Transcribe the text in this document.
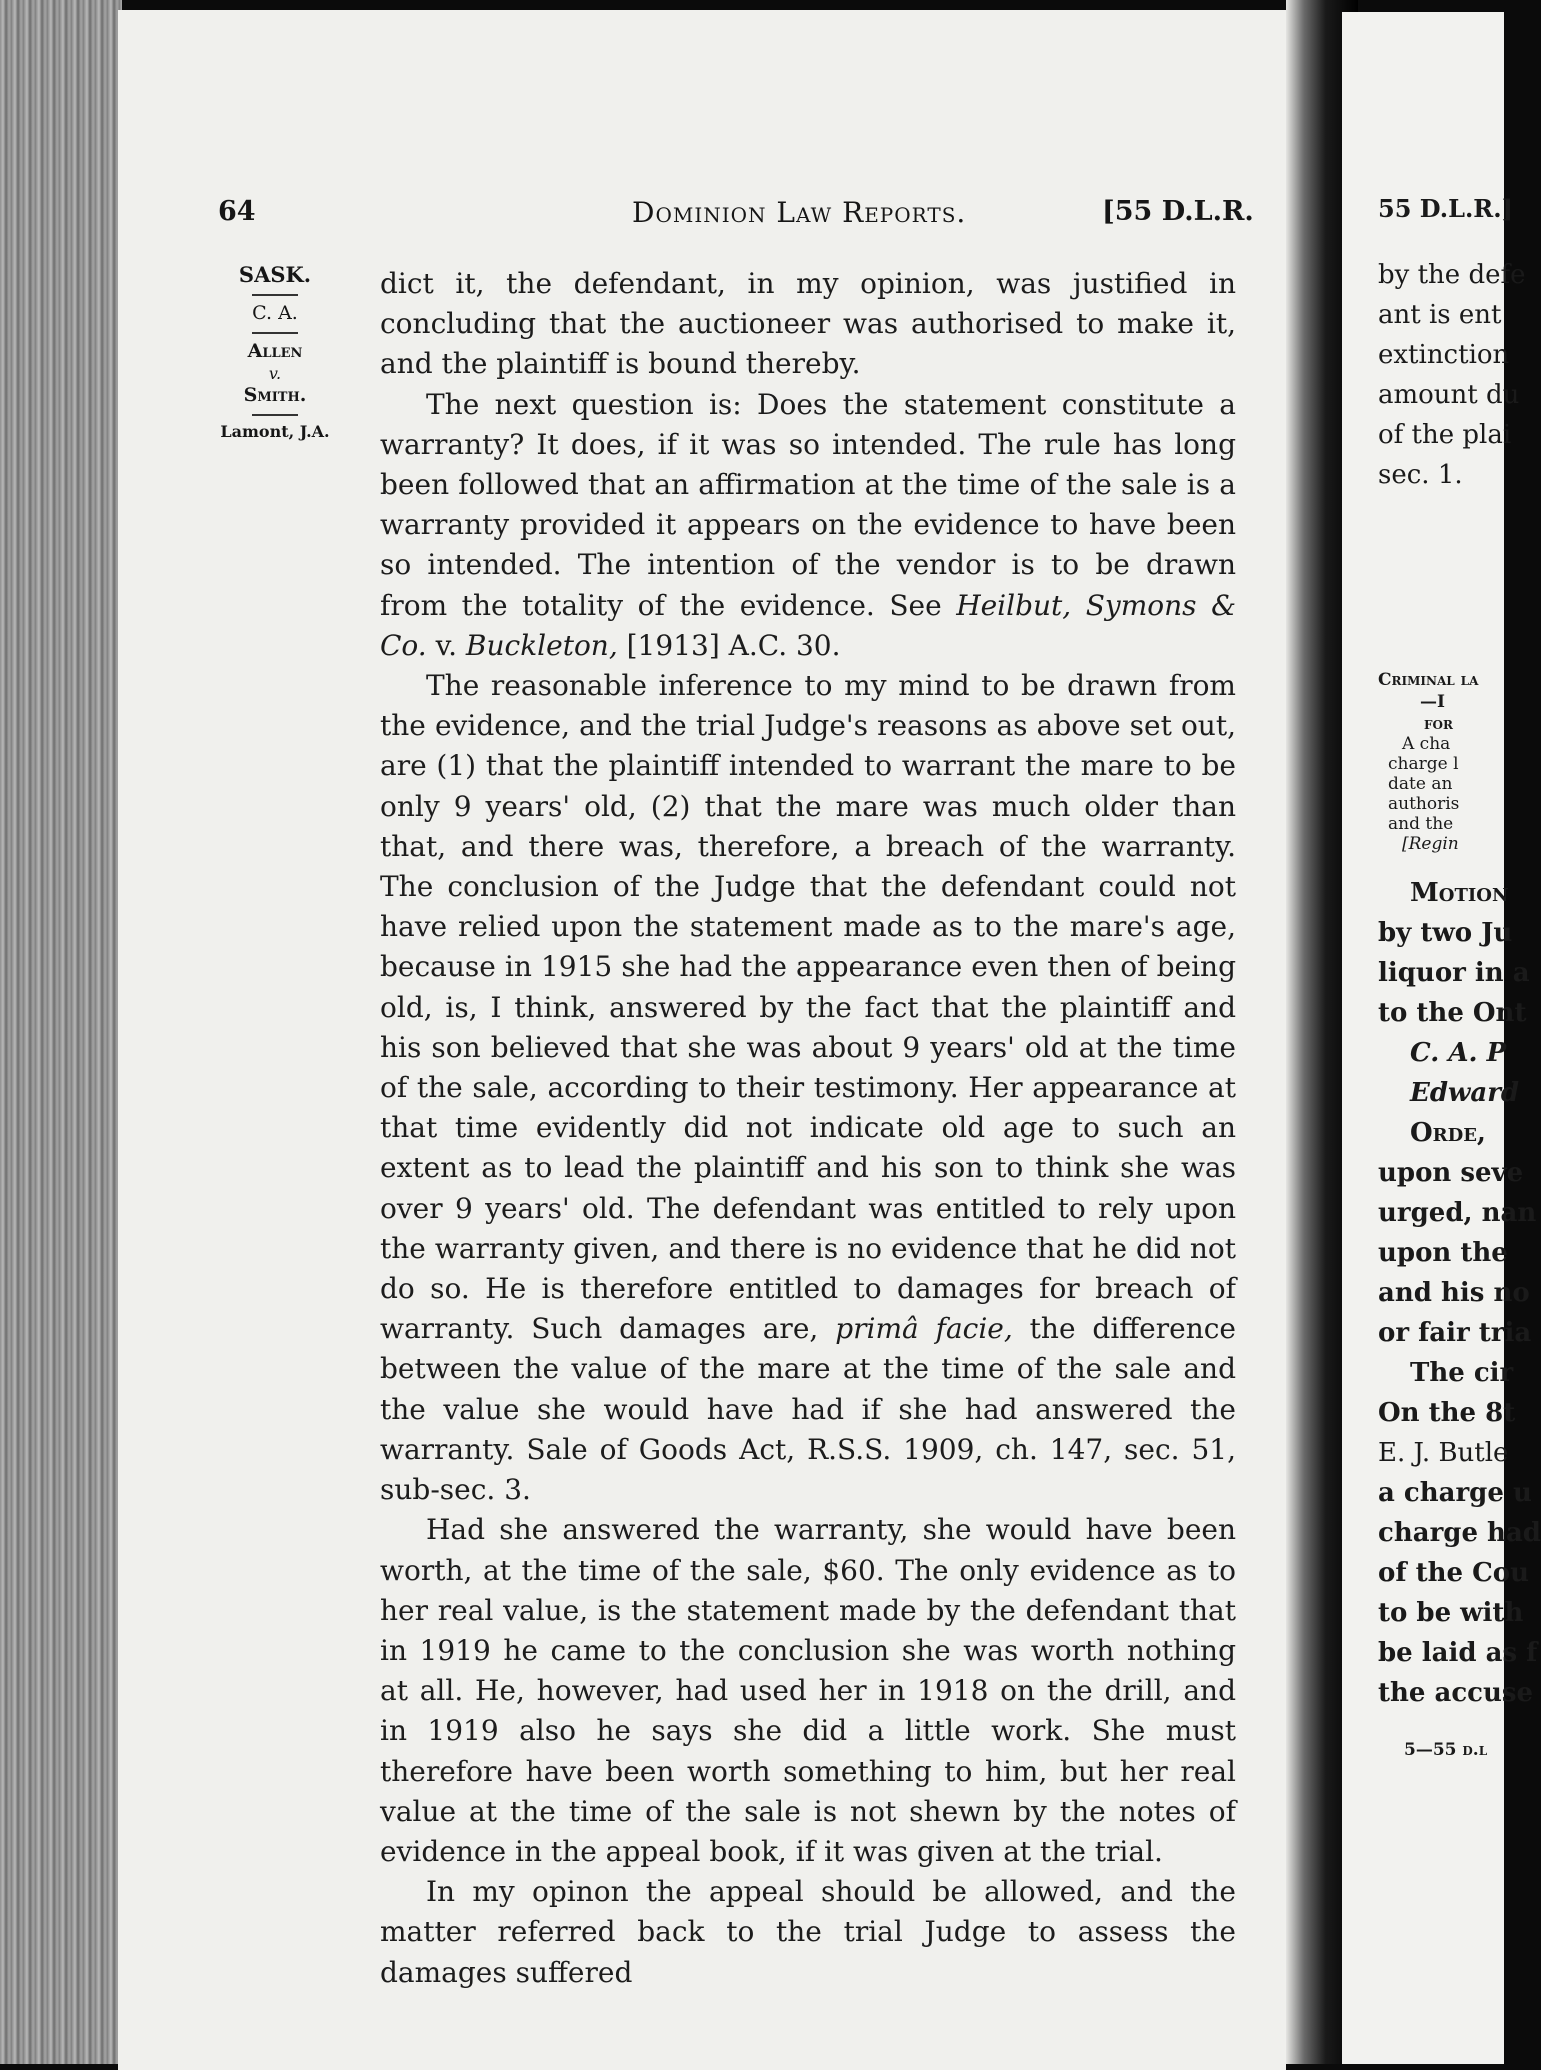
64	Dominion Law Reports.	[55 D.L.R.
SASK.
C. A.
Allen
v.
Smith.
Lamont, J.A.

dict it, the defendant, in my opinion, was justified in concluding that the auctioneer was authorised to make it, and the plaintiff is bound thereby.

The next question is: Does the statement constitute a warranty? It does, if it was so intended. The rule has long been followed that an affirmation at the time of the sale is a warranty provided it appears on the evidence to have been so intended. The intention of the vendor is to be drawn from the totality of the evidence. See Heilbut, Symons & Co. v. Buckleton, [1913] A.C. 30.

The reasonable inference to my mind to be drawn from the evidence, and the trial Judge's reasons as above set out, are (1) that the plaintiff intended to warrant the mare to be only 9 years' old, (2) that the mare was much older than that, and there was, therefore, a breach of the warranty. The conclusion of the Judge that the defendant could not have relied upon the statement made as to the mare's age, because in 1915 she had the appearance even then of being old, is, I think, answered by the fact that the plaintiff and his son believed that she was about 9 years' old at the time of the sale, according to their testimony. Her appearance at that time evidently did not indicate old age to such an extent as to lead the plaintiff and his son to think she was over 9 years' old. The defendant was entitled to rely upon the warranty given, and there is no evidence that he did not do so. He is therefore entitled to damages for breach of warranty. Such damages are, primâ facie, the difference between the value of the mare at the time of the sale and the value she would have had if she had answered the warranty. Sale of Goods Act, R.S.S. 1909, ch. 147, sec. 51, sub-sec. 3.

Had she answered the warranty, she would have been worth, at the time of the sale, $60. The only evidence as to her real value, is the statement made by the defendant that in 1919 he came to the conclusion she was worth nothing at all. He, however, had used her in 1918 on the drill, and in 1919 also he says she did a little work. She must therefore have been worth something to him, but her real value at the time of the sale is not shewn by the notes of evidence in the appeal book, if it was given at the trial.

In my opinon the appeal should be allowed, and the matter referred back to the trial Judge to assess the damages suffered

55 D.L.R.]
by the defe
ant is ent
extinction
amount du
of the plai
sec. 1.
Criminal la
—I
for
A cha
charge l
date an
authoris
and the
[Regin
Motion
by two Ju
liquor in a
to the Ont
C. A. P
Edward
Orde,
upon seve
urged, nan
upon the
and his no
or fair tria
The cir
On the 8t
E. J. Butle
a charge u
charge had
of the Cou
to be with
be laid as f
the accuse
5—55 d.l
